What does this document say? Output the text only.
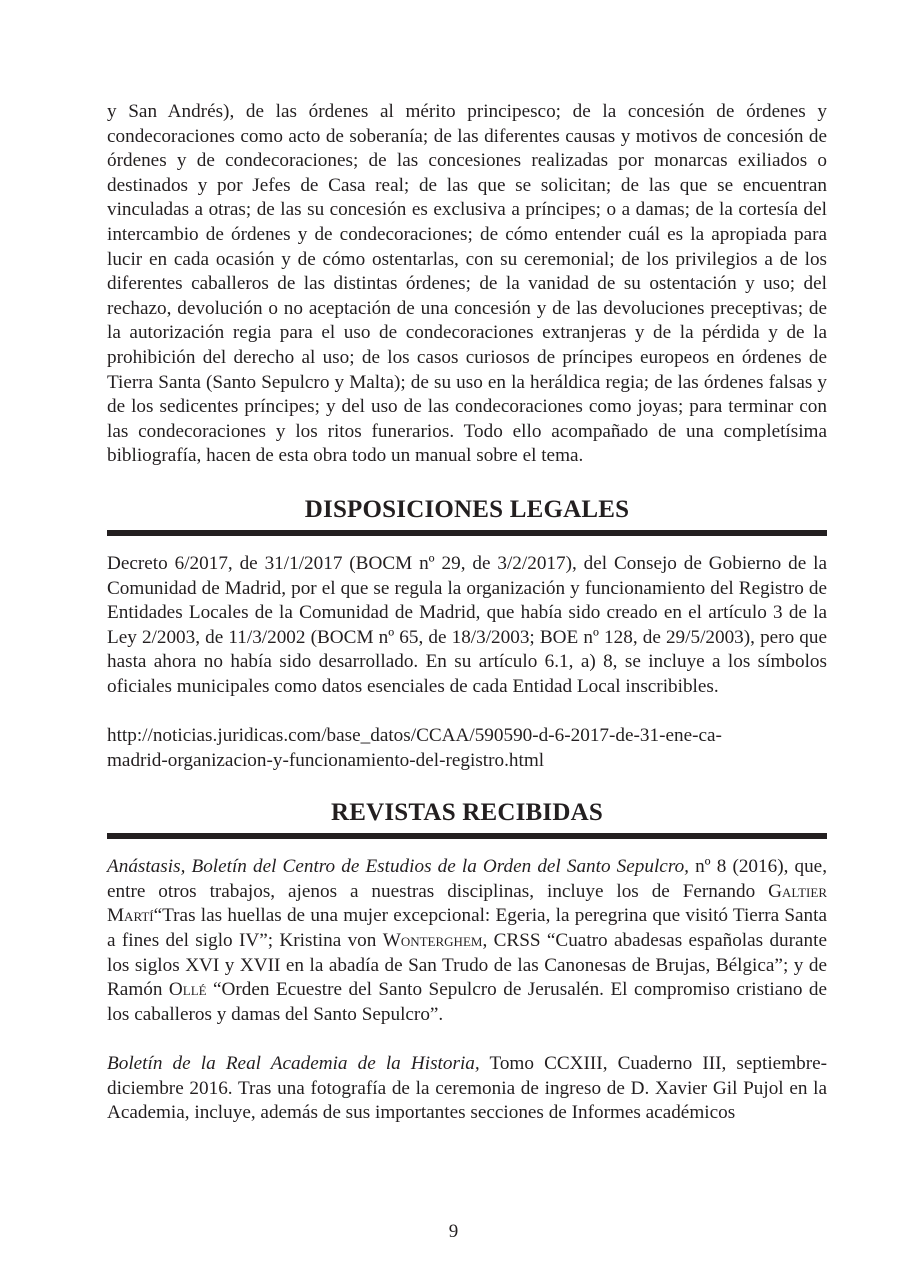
y San Andrés), de las órdenes al mérito principesco; de la concesión de órdenes y condecoraciones como acto de soberanía; de las diferentes causas y motivos de concesión de órdenes y de condecoraciones; de las concesiones realizadas por monarcas exiliados o destinados y por Jefes de Casa real; de las que se solicitan; de las que se encuentran vinculadas a otras; de las su concesión es exclusiva a príncipes; o a damas; de la cortesía del intercambio de órdenes y de condecoraciones; de cómo entender cuál es la apropiada para lucir en cada ocasión y de cómo ostentarlas, con su ceremonial; de los privilegios a de los diferentes caballeros de las distintas órdenes; de la vanidad de su ostentación y uso; del rechazo, devolución o no aceptación de una concesión y de las devoluciones preceptivas; de la autorización regia para el uso de condecoraciones extranjeras y de la pérdida y de la prohibición del derecho al uso; de los casos curiosos de príncipes europeos en órdenes de Tierra Santa (Santo Sepulcro y Malta); de su uso en la heráldica regia; de las órdenes falsas y de los sedicentes príncipes; y del uso de las condecoraciones como joyas; para terminar con las condecoraciones y los ritos funerarios. Todo ello acompañado de una completísima bibliografía, hacen de esta obra todo un manual sobre el tema.

DISPOSICIONES LEGALES

Decreto 6/2017, de 31/1/2017 (BOCM nº 29, de 3/2/2017), del Consejo de Gobierno de la Comunidad de Madrid, por el que se regula la organización y funcionamiento del Registro de Entidades Locales de la Comunidad de Madrid, que había sido creado en el artículo 3 de la Ley 2/2003, de 11/3/2002 (BOCM nº 65, de 18/3/2003; BOE nº 128, de 29/5/2003), pero que hasta ahora no había sido desarrollado. En su artículo 6.1, a) 8, se incluye a los símbolos oficiales municipales como datos esenciales de cada Entidad Local inscribibles.

http://noticias.juridicas.com/base_datos/CCAA/590590-d-6-2017-de-31-ene-ca-
madrid-organizacion-y-funcionamiento-del-registro.html

REVISTAS RECIBIDAS

Anástasis, Boletín del Centro de Estudios de la Orden del Santo Sepulcro, nº 8 (2016), que, entre otros trabajos, ajenos a nuestras disciplinas, incluye los de Fernando Galtier Martí“Tras las huellas de una mujer excepcional: Egeria, la peregrina que visitó Tierra Santa a fines del siglo IV”; Kristina von Wonterghem, CRSS “Cuatro abadesas españolas durante los siglos XVI y XVII en la abadía de San Trudo de las Canonesas de Brujas, Bélgica”; y de Ramón Ollé “Orden Ecuestre del Santo Sepulcro de Jerusalén. El compromiso cristiano de los caballeros y damas del Santo Sepulcro”.

Boletín de la Real Academia de la Historia, Tomo CCXIII, Cuaderno III, septiembre-diciembre 2016. Tras una fotografía de la ceremonia de ingreso de D. Xavier Gil Pujol en la Academia, incluye, además de sus importantes secciones de Informes académicos

9
